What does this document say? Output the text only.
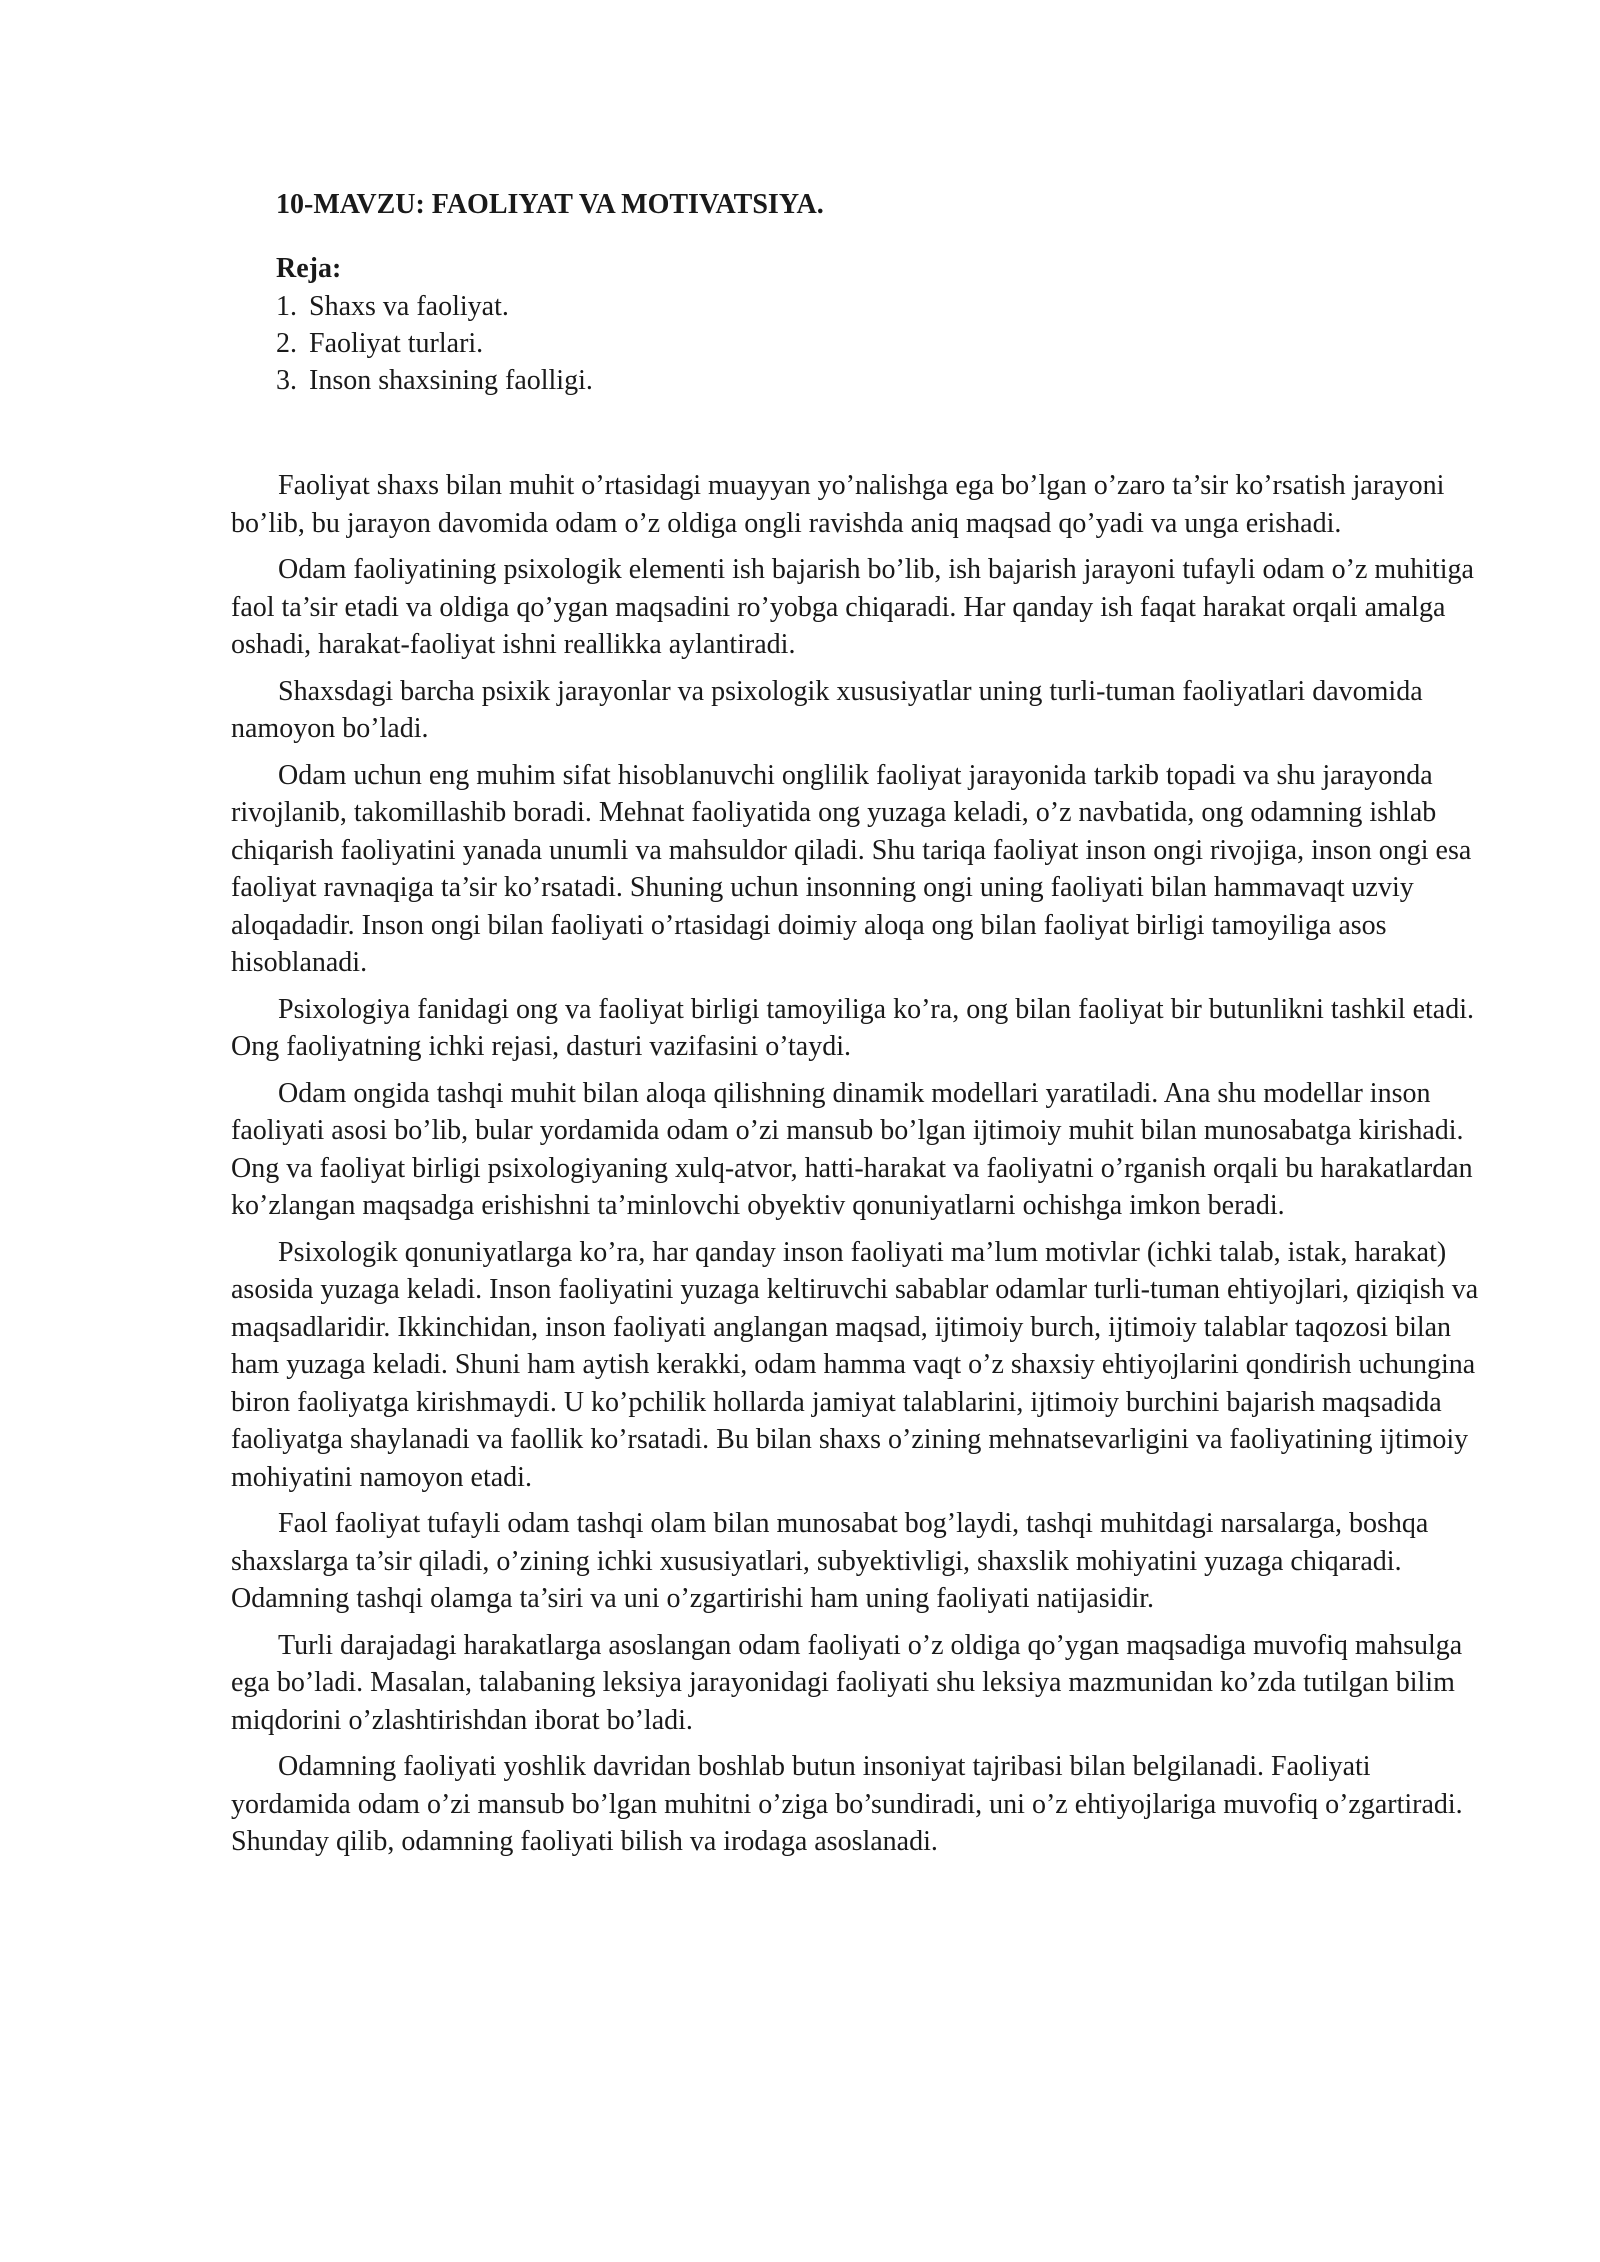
10-MAVZU: FAOLIYAT VA MOTIVATSIYA.

Reja:

1. Shaxs va faoliyat.
2. Faoliyat turlari.
3. Inson shaxsining faolligi.

Faoliyat shaxs bilan muhit o’rtasidagi muayyan yo’nalishga ega bo’lgan o’zaro ta’sir ko’rsatish jarayoni bo’lib, bu jarayon davomida odam o’z oldiga ongli ravishda aniq maqsad qo’yadi va unga erishadi.

Odam faoliyatining psixologik elementi ish bajarish bo’lib, ish bajarish jarayoni tufayli odam o’z muhitiga faol ta’sir etadi va oldiga qo’ygan maqsadini ro’yobga chiqaradi. Har qanday ish faqat harakat orqali amalga oshadi, harakat-faoliyat ishni reallikka aylantiradi.

Shaxsdagi barcha psixik jarayonlar va psixologik xususiyatlar uning turli-tuman faoliyatlari davomida namoyon bo’ladi.

Odam uchun eng muhim sifat hisoblanuvchi onglilik faoliyat jarayonida tarkib topadi va shu jarayonda rivojlanib, takomillashib boradi. Mehnat faoliyatida ong yuzaga keladi, o’z navbatida, ong odamning ishlab chiqarish faoliyatini yanada unumli va mahsuldor qiladi. Shu tariqa faoliyat inson ongi rivojiga, inson ongi esa faoliyat ravnaqiga ta’sir ko’rsatadi. Shuning uchun insonning ongi uning faoliyati bilan hammavaqt uzviy aloqadadir. Inson ongi bilan faoliyati o’rtasidagi doimiy aloqa ong bilan faoliyat birligi tamoyiliga asos hisoblanadi.

Psixologiya fanidagi ong va faoliyat birligi tamoyiliga ko’ra, ong bilan faoliyat bir butunlikni tashkil etadi. Ong faoliyatning ichki rejasi, dasturi vazifasini o’taydi.

Odam ongida tashqi muhit bilan aloqa qilishning dinamik modellari yaratiladi. Ana shu modellar inson faoliyati asosi bo’lib, bular yordamida odam o’zi mansub bo’lgan ijtimoiy muhit bilan munosabatga kirishadi. Ong va faoliyat birligi psixologiyaning xulq-atvor, hatti-harakat va faoliyatni o’rganish orqali bu harakatlardan ko’zlangan maqsadga erishishni ta’minlovchi obyektiv qonuniyatlarni ochishga imkon beradi.

Psixologik qonuniyatlarga ko’ra, har qanday inson faoliyati ma’lum motivlar (ichki talab, istak, harakat) asosida yuzaga keladi. Inson faoliyatini yuzaga keltiruvchi sabablar odamlar turli-tuman ehtiyojlari, qiziqish va maqsadlaridir. Ikkinchidan, inson faoliyati anglangan maqsad, ijtimoiy burch, ijtimoiy talablar taqozosi bilan ham yuzaga keladi. Shuni ham aytish kerakki, odam hamma vaqt o’z shaxsiy ehtiyojlarini qondirish uchungina biron faoliyatga kirishmaydi. U ko’pchilik hollarda jamiyat talablarini, ijtimoiy burchini bajarish maqsadida faoliyatga shaylanadi va faollik ko’rsatadi. Bu bilan shaxs o’zining mehnatsevarligini va faoliyatining ijtimoiy mohiyatini namoyon etadi.

Faol faoliyat tufayli odam tashqi olam bilan munosabat bog’laydi, tashqi muhitdagi narsalarga, boshqa shaxslarga ta’sir qiladi, o’zining ichki xususiyatlari, subyektivligi, shaxslik mohiyatini yuzaga chiqaradi. Odamning tashqi olamga ta’siri va uni o’zgartirishi ham uning faoliyati natijasidir.

Turli darajadagi harakatlarga asoslangan odam faoliyati o’z oldiga qo’ygan maqsadiga muvofiq mahsulga ega bo’ladi. Masalan, talabaning leksiya jarayonidagi faoliyati shu leksiya mazmunidan ko’zda tutilgan bilim miqdorini o’zlashtirishdan iborat bo’ladi.

Odamning faoliyati yoshlik davridan boshlab butun insoniyat tajribasi bilan belgilanadi. Faoliyati yordamida odam o’zi mansub bo’lgan muhitni o’ziga bo’sundiradi, uni o’z ehtiyojlariga muvofiq o’zgartiradi. Shunday qilib, odamning faoliyati bilish va irodaga asoslanadi.
